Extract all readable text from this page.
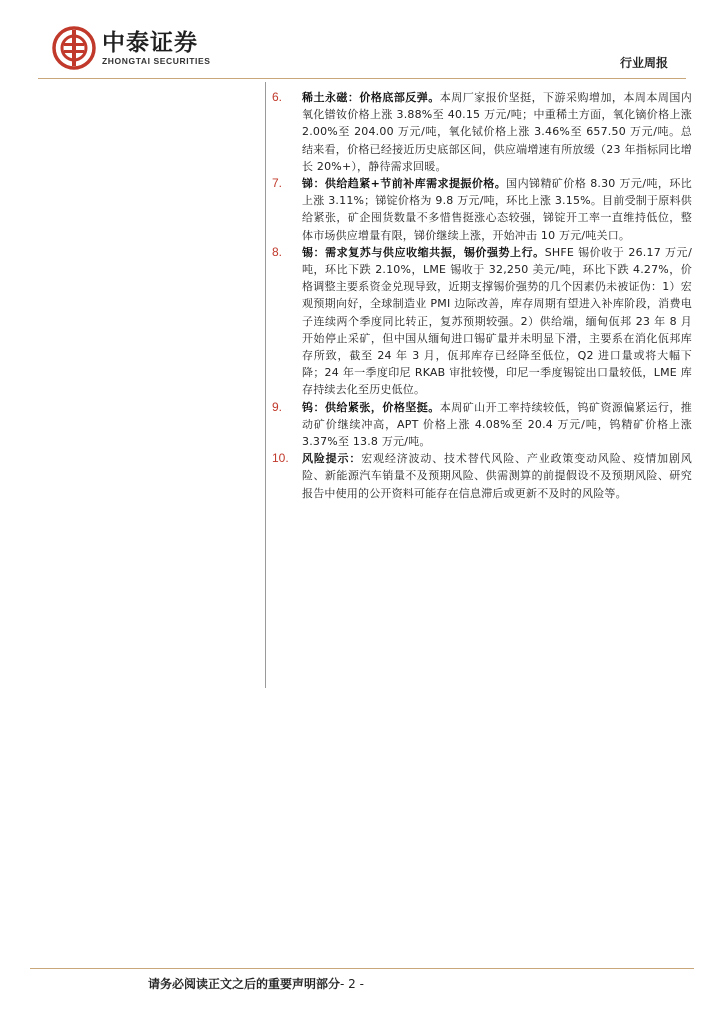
中泰证券
ZHONGTAI SECURITIES	行业周报
6.	稀土永磁：价格底部反弹。本周厂家报价坚挺，下游采购增加，本周本周国内氧化镨钕价格上涨 3.88%至 40.15 万元/吨；中重稀土方面，氧化镝价格上涨 2.00%至 204.00 万元/吨，氧化铽价格上涨 3.46%至 657.50 万元/吨。总结来看，价格已经接近历史底部区间，供应端增速有所放缓（23 年指标同比增长 20%+），静待需求回暖。
7.	锑：供给趋紧+节前补库需求提振价格。国内锑精矿价格 8.30 万元/吨，环比上涨 3.11%；锑锭价格为 9.8 万元/吨，环比上涨 3.15%。目前受制于原料供给紧张，矿企囤货数量不多惜售挺涨心态较强，锑锭开工率一直维持低位，整体市场供应增量有限，锑价继续上涨，开始冲击 10 万元/吨关口。
8.	锡：需求复苏与供应收缩共振，锡价强势上行。SHFE 锡价收于 26.17 万元/吨，环比下跌 2.10%，LME 锡收于 32,250 美元/吨，环比下跌 4.27%，价格调整主要系资金兑现导致，近期支撑锡价强势的几个因素仍未被证伪：1）宏观预期向好，全球制造业 PMI 边际改善，库存周期有望进入补库阶段，消费电子连续两个季度同比转正，复苏预期较强。2）供给端，缅甸佤邦 23 年 8 月开始停止采矿，但中国从缅甸进口锡矿量并未明显下滑，主要系在消化佤邦库存所致，截至 24 年 3 月，佤邦库存已经降至低位，Q2 进口量或将大幅下降；24 年一季度印尼 RKAB 审批较慢，印尼一季度锡锭出口量较低，LME 库存持续去化至历史低位。
9.	钨：供给紧张，价格坚挺。本周矿山开工率持续较低，钨矿资源偏紧运行，推动矿价继续冲高，APT 价格上涨 4.08%至 20.4 万元/吨，钨精矿价格上涨 3.37%至 13.8 万元/吨。
10.	风险提示：宏观经济波动、技术替代风险、产业政策变动风险、疫情加剧风险、新能源汽车销量不及预期风险、供需测算的前提假设不及预期风险、研究报告中使用的公开资料可能存在信息滞后或更新不及时的风险等。
请务必阅读正文之后的重要声明部分- 2 -
